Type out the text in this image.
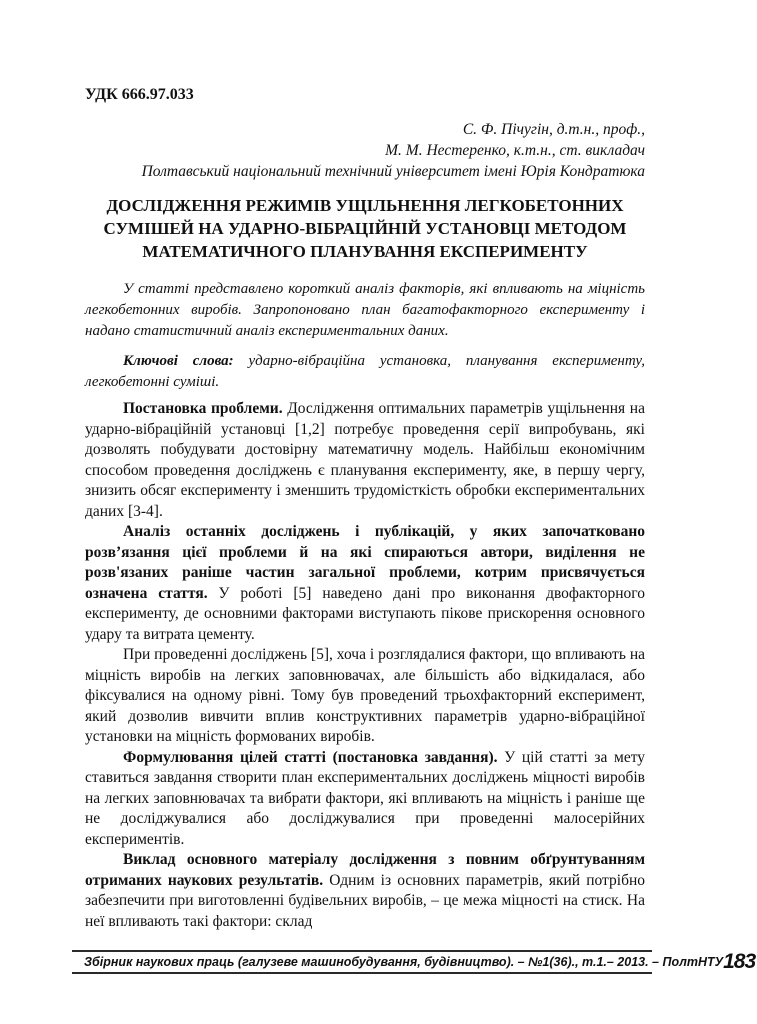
УДК 666.97.033
С. Ф. Пічугін, д.т.н., проф.,
М. М. Нестеренко, к.т.н., ст. викладач
Полтавський національний технічний університет імені Юрія Кондратюка
ДОСЛІДЖЕННЯ РЕЖИМІВ УЩІЛЬНЕННЯ ЛЕГКОБЕТОННИХ
СУМІШЕЙ НА УДАРНО-ВІБРАЦІЙНІЙ УСТАНОВЦІ МЕТОДОМ
МАТЕМАТИЧНОГО ПЛАНУВАННЯ ЕКСПЕРИМЕНТУ
У статті представлено короткий аналіз факторів, які впливають на міцність легкобетонних виробів. Запропоновано план багатофакторного експерименту і надано статистичний аналіз експериментальних даних.
Ключові слова: ударно-вібраційна установка, планування експерименту, легкобетонні суміші.

Постановка проблеми. Дослідження оптимальних параметрів ущільнення на ударно-вібраційній установці [1,2] потребує проведення серії випробувань, які дозволять побудувати достовірну математичну модель. Найбільш економічним способом проведення досліджень є планування експерименту, яке, в першу чергу, знизить обсяг експерименту і зменшить трудомісткість обробки експериментальних даних [3-4].

Аналіз останніх досліджень і публікацій, у яких започатковано розв’язання цієї проблеми й на які спираються автори, виділення не розв'язаних раніше частин загальної проблеми, котрим присвячується означена стаття. У роботі [5] наведено дані про виконання двофакторного експерименту, де основними факторами виступають пікове прискорення основного удару та витрата цементу.

При проведенні досліджень [5], хоча і розглядалися фактори, що впливають на міцність виробів на легких заповнювачах, але більшість або відкидалася, або фіксувалися на одному рівні. Тому був проведений трьохфакторний експеримент, який дозволив вивчити вплив конструктивних параметрів ударно-вібраційної установки на міцність формованих виробів.

Формулювання цілей статті (постановка завдання). У цій статті за мету ставиться завдання створити план експериментальних досліджень міцності виробів на легких заповнювачах та вибрати фактори, які впливають на міцність і раніше ще не досліджувалися або досліджувалися при проведенні малосерійних експериментів.

Виклад основного матеріалу дослідження з повним обґрунтуванням отриманих наукових результатів. Одним із основних параметрів, який потрібно забезпечити при виготовленні будівельних виробів, – це межа міцності на стиск. На неї впливають такі фактори: склад

Збірник наукових праць (галузеве машинобудування, будівництво). – №1(36)., т.1.– 2013. – ПолтНТУ 183
